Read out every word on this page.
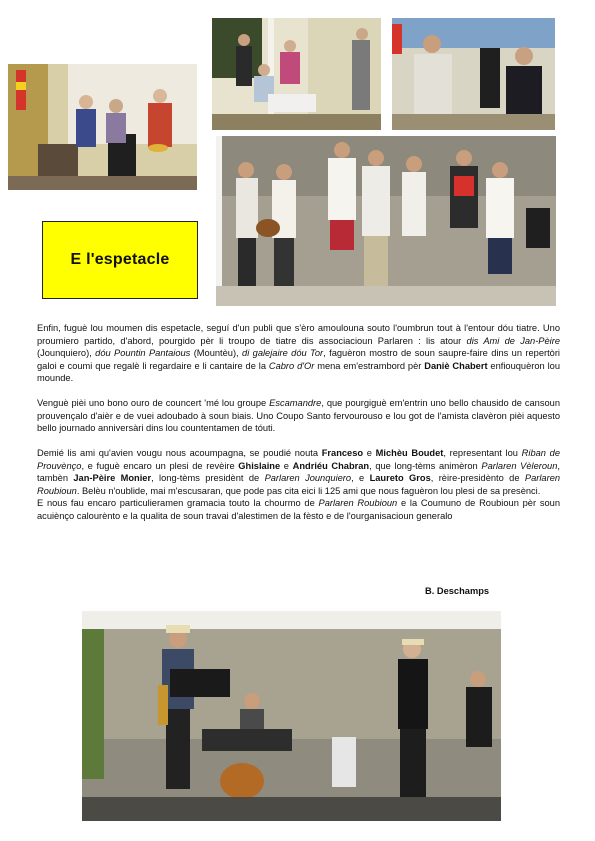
E l'espetacle

Enfin, fuguè lou moumen dis espetacle, seguí d'un publi que s'èro amoulouna souto l'oumbrun tout à l'entour dóu tiatre. Uno proumiero partido, d'abord, pourgido pèr li troupo de tiatre dis associacioun Parlaren : lis atour dis Ami de Jan-Pèire (Jounquiero), dóu Pountin Pantaious (Mountèu), di galejaire dóu Tor, faguèron mostro de soun saupre-faire dins un repertòri galoi e coumi que regalè li regardaire e li cantaire de la Cabro d'Or mena em'estrambord pèr Daniè Chabert enfiouquèron lou mounde.

Venguè pièi uno bono ouro de councert 'mé lou groupe Escamandre, que pourgiguè em'entrin uno bello chausido de cansoun prouvençalo d'aièr e de vuei adoubado à soun biais. Uno Coupo Santo fervourouso e lou got de l'amista clavèron pièi aquesto bello journado anniversàri dins lou countentamen de tóuti.

Demié lis ami qu'avien vougu nous acoumpagna, se poudié nouta Franceso e Michèu Boudet, representant lou Riban de Prouvènço, e fuguè encaro un plesi de revèire Ghislaine e Andriéu Chabran, que long-tèms animèron Parlaren Vèleroun, tambèn Jan-Pèire Monier, long-tèms presidènt de Parlaren Jounquiero, e Laureto Gros, rèire-presidènto de Parlaren Roubioun. Belèu n'oublide, mai m'escusaran, que pode pas cita eici li 125 ami que nous faguèron lou plesi de sa presènci.

E nous fau encaro particulieramen gramacia touto la chourmo de Parlaren Roubioun e la Coumuno de Roubioun pèr soun acuiènço calourènto e la qualita de soun travai d'alestimen de la fèsto e de l'ourganisacioun generalo

B. Deschamps
